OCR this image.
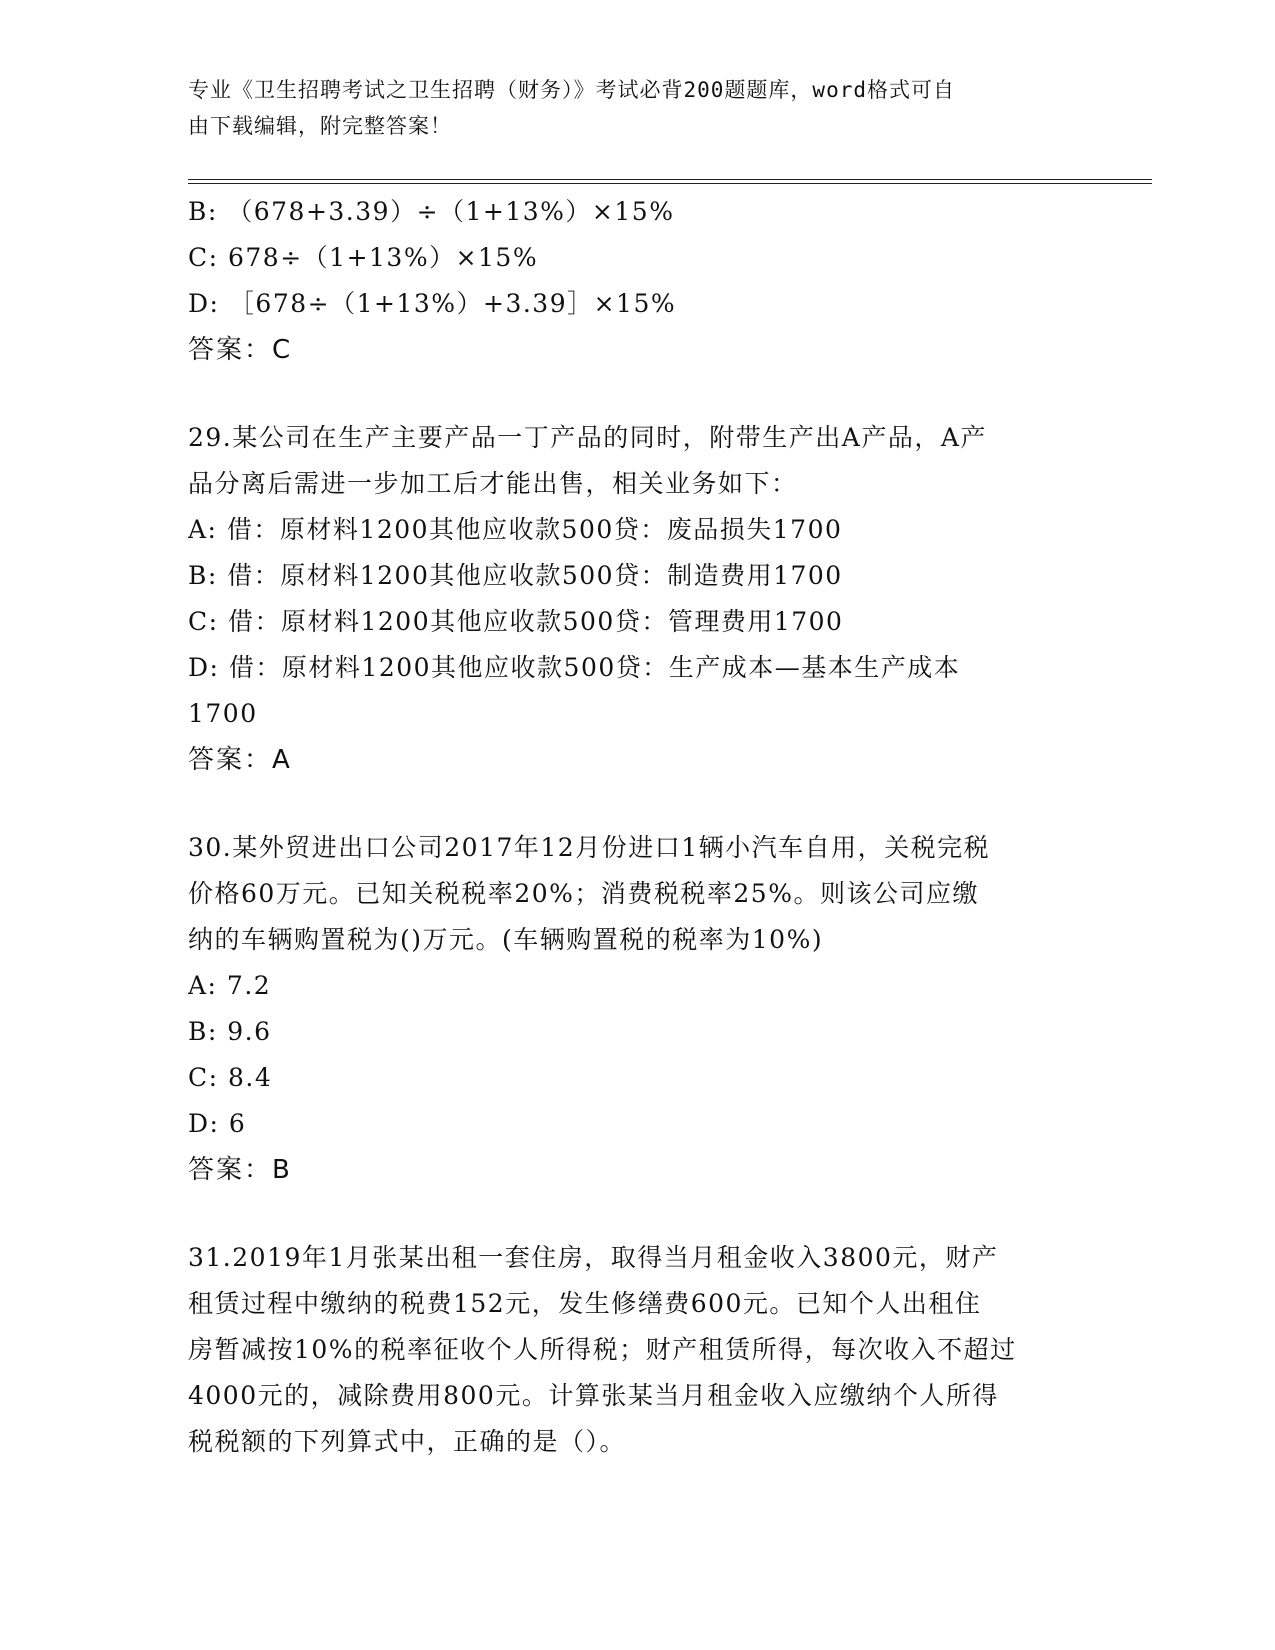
专业《卫生招聘考试之卫生招聘（财务）》考试必背200题题库，word格式可自
由下载编辑，附完整答案！
B: （678+3.39）÷（1+13%）×15%
C: 678÷（1+13%）×15%
D: ［678÷（1+13%）+3.39］×15%
答案：C
29.某公司在生产主要产品一丁产品的同时，附带生产出A产品，A产
品分离后需进一步加工后才能出售，相关业务如下：
A: 借：原材料1200其他应收款500贷：废品损失1700
B: 借：原材料1200其他应收款500贷：制造费用1700
C: 借：原材料1200其他应收款500贷：管理费用1700
D: 借：原材料1200其他应收款500贷：生产成本—基本生产成本
1700
答案：A
30.某外贸进出口公司2017年12月份进口1辆小汽车自用，关税完税
价格60万元。已知关税税率20%；消费税税率25%。则该公司应缴
纳的车辆购置税为()万元。(车辆购置税的税率为10%)
A: 7.2
B: 9.6
C: 8.4
D: 6
答案：B
31.2019年1月张某出租一套住房，取得当月租金收入3800元，财产
租赁过程中缴纳的税费152元，发生修缮费600元。已知个人出租住
房暂减按10%的税率征收个人所得税；财产租赁所得，每次收入不超过
4000元的，减除费用800元。计算张某当月租金收入应缴纳个人所得
税税额的下列算式中，正确的是（）。
